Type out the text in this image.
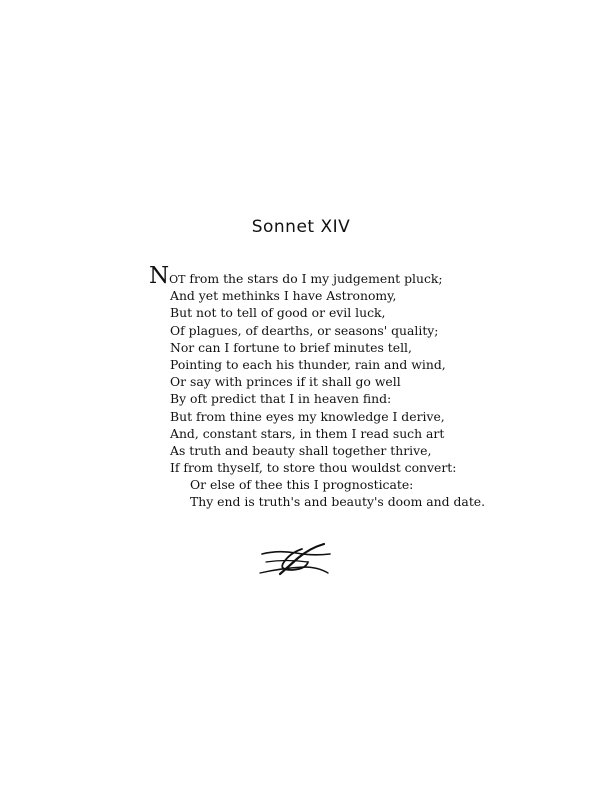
Sonnet XIV
NOT from the stars do I my judgement pluck;
And yet methinks I have Astronomy,
But not to tell of good or evil luck,
Of plagues, of dearths, or seasons' quality;
Nor can I fortune to brief minutes tell,
Pointing to each his thunder, rain and wind,
Or say with princes if it shall go well
By oft predict that I in heaven find:
But from thine eyes my knowledge I derive,
And, constant stars, in them I read such art
As truth and beauty shall together thrive,
If from thyself, to store thou wouldst convert:
Or else of thee this I prognosticate:
Thy end is truth's and beauty's doom and date.
